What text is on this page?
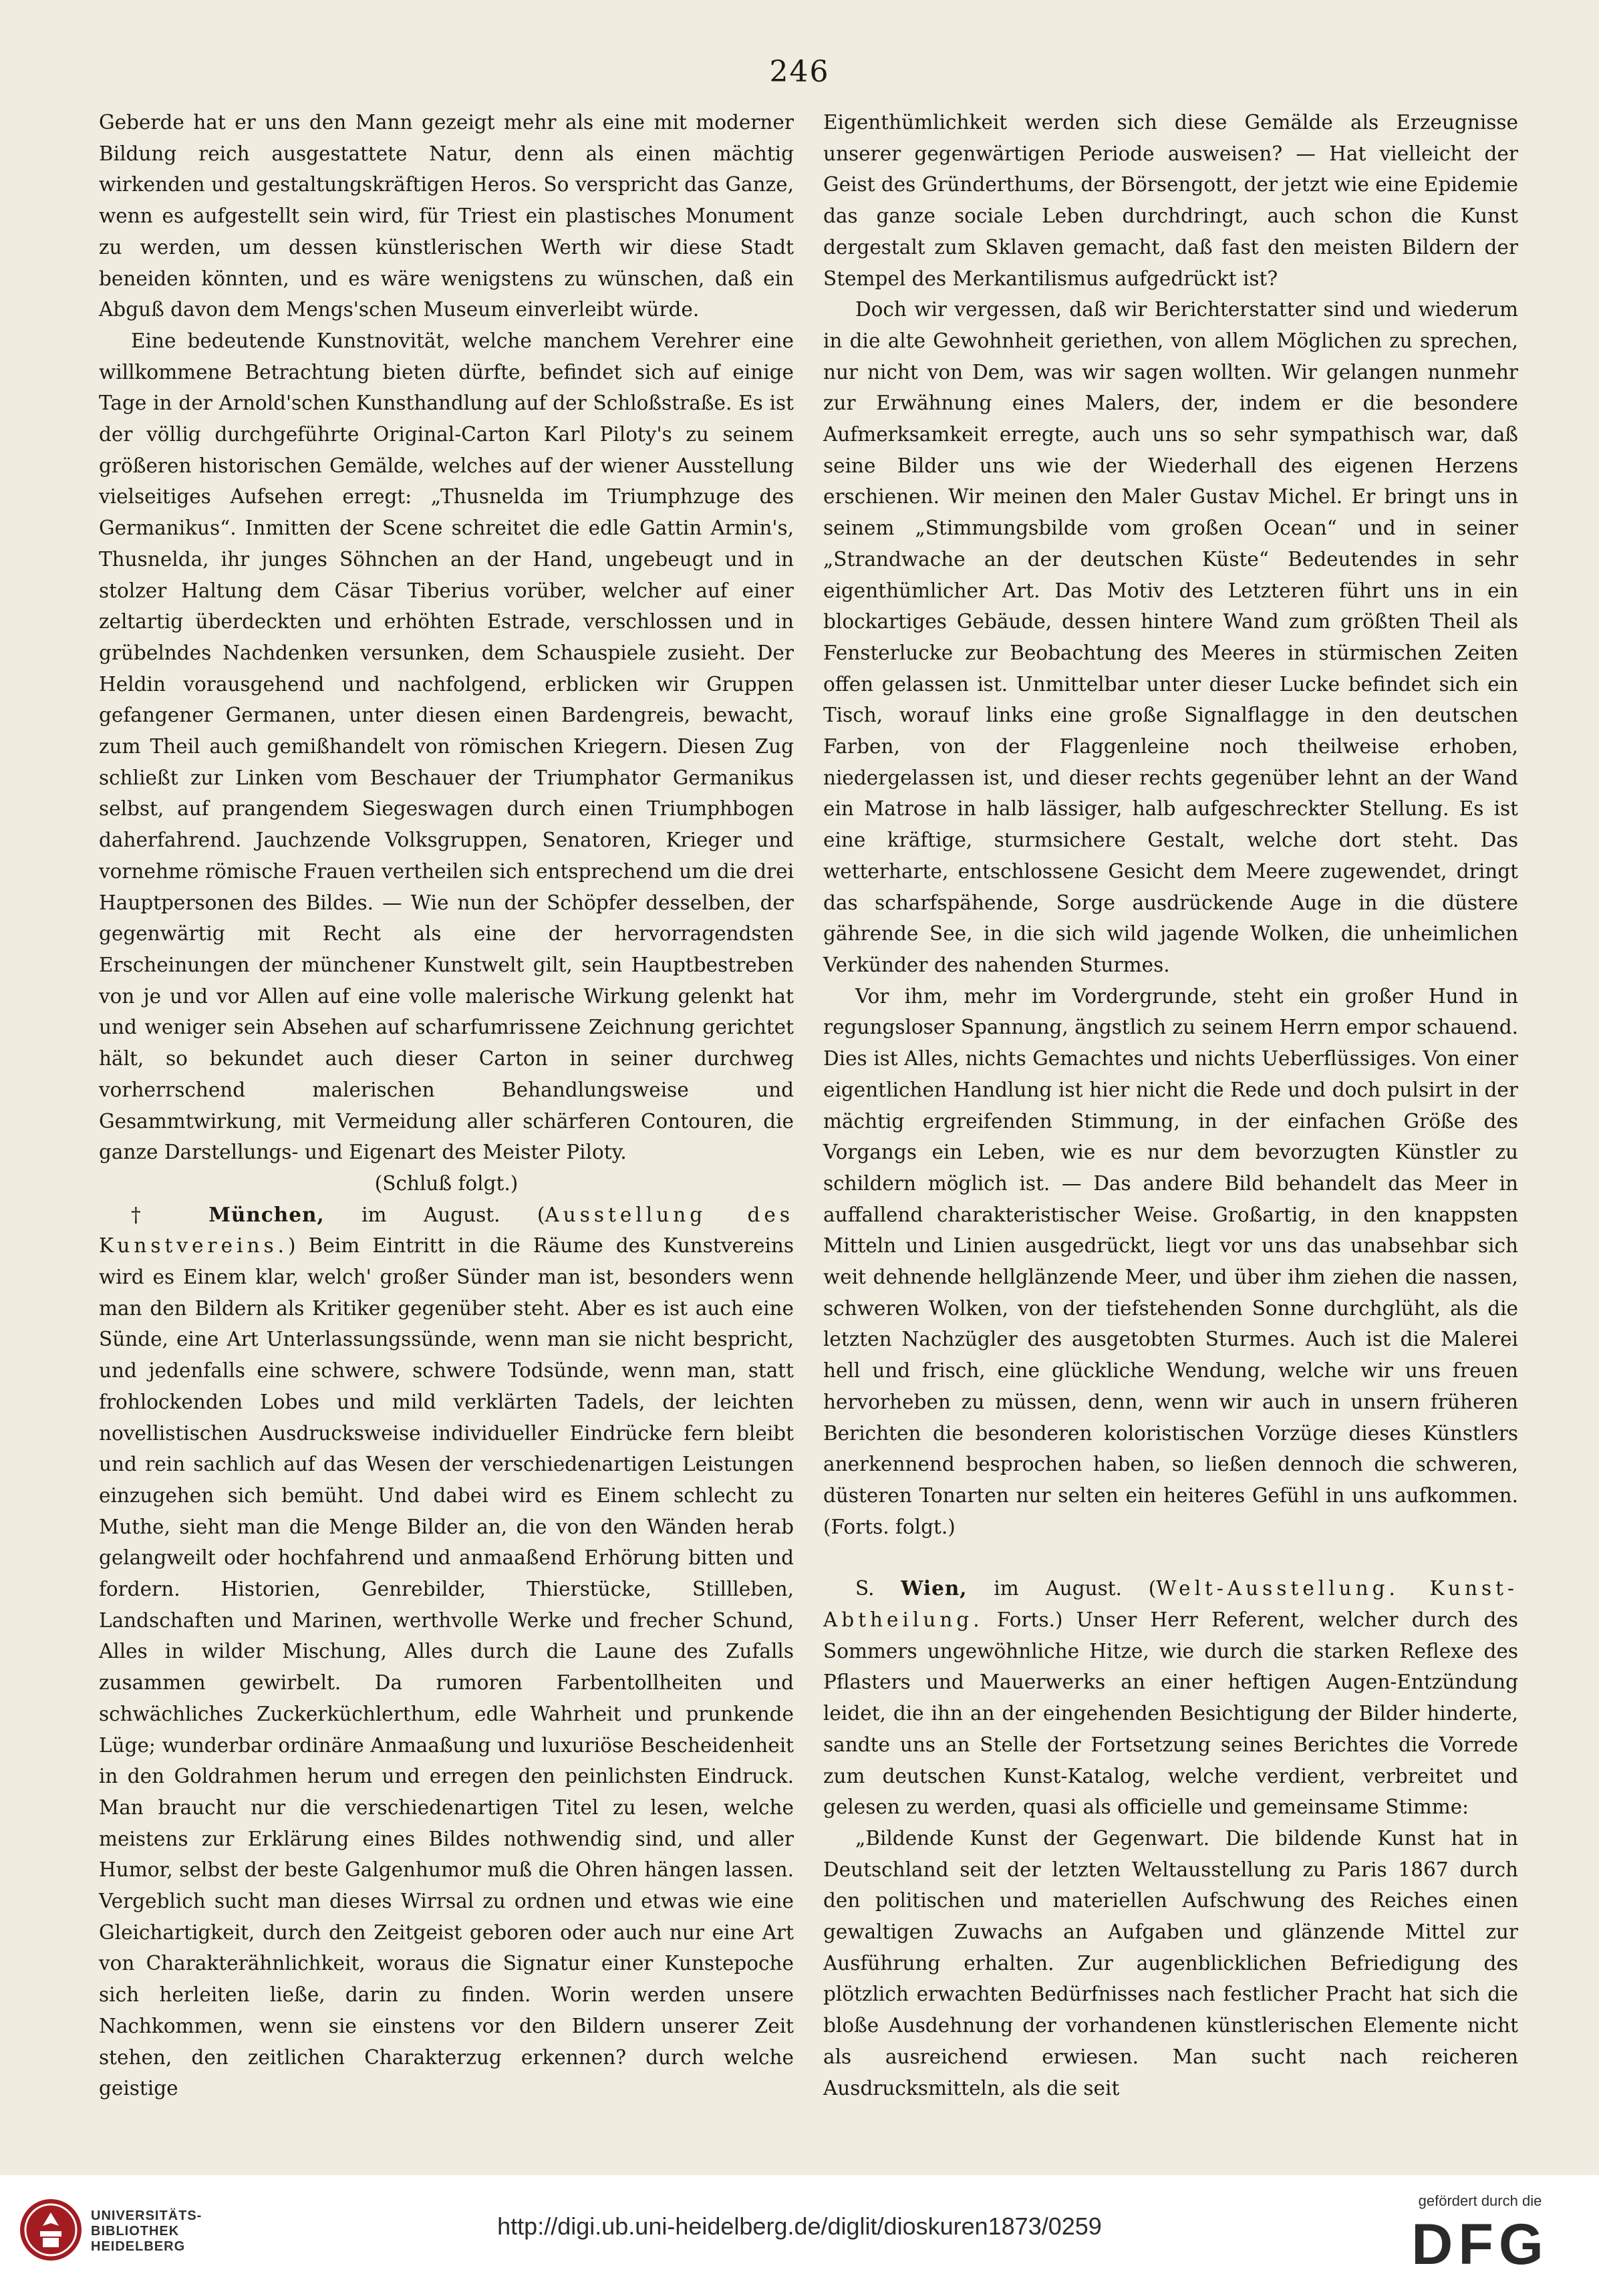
246

Geberde hat er uns den Mann gezeigt mehr als eine mit moderner Bildung reich ausgestattete Natur, denn als einen mächtig wirkenden und gestaltungskräftigen Heros. So verspricht das Ganze, wenn es aufgestellt sein wird, für Triest ein plastisches Monument zu werden, um dessen künstlerischen Werth wir diese Stadt beneiden könnten, und es wäre wenigstens zu wünschen, daß ein Abguß davon dem Mengs'schen Museum einverleibt würde.

Eine bedeutende Kunstnovität, welche manchem Verehrer eine willkommene Betrachtung bieten dürfte, befindet sich auf einige Tage in der Arnold'schen Kunsthandlung auf der Schloßstraße. Es ist der völlig durchgeführte Original-Carton Karl Piloty's zu seinem größeren historischen Gemälde, welches auf der wiener Ausstellung vielseitiges Aufsehen erregt: „Thusnelda im Triumphzuge des Germanikus“. Inmitten der Scene schreitet die edle Gattin Armin's, Thusnelda, ihr junges Söhnchen an der Hand, ungebeugt und in stolzer Haltung dem Cäsar Tiberius vorüber, welcher auf einer zeltartig überdeckten und erhöhten Estrade, verschlossen und in grübelndes Nachdenken versunken, dem Schauspiele zusieht. Der Heldin vorausgehend und nachfolgend, erblicken wir Gruppen gefangener Germanen, unter diesen einen Bardengreis, bewacht, zum Theil auch gemißhandelt von römischen Kriegern. Diesen Zug schließt zur Linken vom Beschauer der Triumphator Germanikus selbst, auf prangendem Siegeswagen durch einen Triumphbogen daherfahrend. Jauchzende Volksgruppen, Senatoren, Krieger und vornehme römische Frauen vertheilen sich entsprechend um die drei Hauptpersonen des Bildes. — Wie nun der Schöpfer desselben, der gegenwärtig mit Recht als eine der hervorragendsten Erscheinungen der münchener Kunstwelt gilt, sein Hauptbestreben von je und vor Allen auf eine volle malerische Wirkung gelenkt hat und weniger sein Absehen auf scharfumrissene Zeichnung gerichtet hält, so bekundet auch dieser Carton in seiner durchweg vorherrschend malerischen Behandlungsweise und Gesammtwirkung, mit Vermeidung aller schärferen Contouren, die ganze Darstellungs- und Eigenart des Meister Piloty.

(Schluß folgt.)

† München, im August. (Ausstellung des Kunstvereins.) Beim Eintritt in die Räume des Kunstvereins wird es Einem klar, welch' großer Sünder man ist, besonders wenn man den Bildern als Kritiker gegenüber steht. Aber es ist auch eine Sünde, eine Art Unterlassungssünde, wenn man sie nicht bespricht, und jedenfalls eine schwere, schwere Todsünde, wenn man, statt frohlockenden Lobes und mild verklärten Tadels, der leichten novellistischen Ausdrucksweise individueller Eindrücke fern bleibt und rein sachlich auf das Wesen der verschiedenartigen Leistungen einzugehen sich bemüht. Und dabei wird es Einem schlecht zu Muthe, sieht man die Menge Bilder an, die von den Wänden herab gelangweilt oder hochfahrend und anmaaßend Erhörung bitten und fordern. Historien, Genrebilder, Thierstücke, Stillleben, Landschaften und Marinen, werthvolle Werke und frecher Schund, Alles in wilder Mischung, Alles durch die Laune des Zufalls zusammen gewirbelt. Da rumoren Farbentollheiten und schwächliches Zuckerküchlerthum, edle Wahrheit und prunkende Lüge; wunderbar ordinäre Anmaaßung und luxuriöse Bescheidenheit in den Goldrahmen herum und erregen den peinlichsten Eindruck. Man braucht nur die verschiedenartigen Titel zu lesen, welche meistens zur Erklärung eines Bildes nothwendig sind, und aller Humor, selbst der beste Galgenhumor muß die Ohren hängen lassen. Vergeblich sucht man dieses Wirrsal zu ordnen und etwas wie eine Gleichartigkeit, durch den Zeitgeist geboren oder auch nur eine Art von Charakterähnlichkeit, woraus die Signatur einer Kunstepoche sich herleiten ließe, darin zu finden. Worin werden unsere Nachkommen, wenn sie einstens vor den Bildern unserer Zeit stehen, den zeitlichen Charakterzug erkennen? durch welche geistige

Eigenthümlichkeit werden sich diese Gemälde als Erzeugnisse unserer gegenwärtigen Periode ausweisen? — Hat vielleicht der Geist des Gründerthums, der Börsengott, der jetzt wie eine Epidemie das ganze sociale Leben durchdringt, auch schon die Kunst dergestalt zum Sklaven gemacht, daß fast den meisten Bildern der Stempel des Merkantilismus aufgedrückt ist?

Doch wir vergessen, daß wir Berichterstatter sind und wiederum in die alte Gewohnheit geriethen, von allem Möglichen zu sprechen, nur nicht von Dem, was wir sagen wollten. Wir gelangen nunmehr zur Erwähnung eines Malers, der, indem er die besondere Aufmerksamkeit erregte, auch uns so sehr sympathisch war, daß seine Bilder uns wie der Wiederhall des eigenen Herzens erschienen. Wir meinen den Maler Gustav Michel. Er bringt uns in seinem „Stimmungsbilde vom großen Ocean“ und in seiner „Strandwache an der deutschen Küste“ Bedeutendes in sehr eigenthümlicher Art. Das Motiv des Letzteren führt uns in ein blockartiges Gebäude, dessen hintere Wand zum größten Theil als Fensterlucke zur Beobachtung des Meeres in stürmischen Zeiten offen gelassen ist. Unmittelbar unter dieser Lucke befindet sich ein Tisch, worauf links eine große Signalflagge in den deutschen Farben, von der Flaggenleine noch theilweise erhoben, niedergelassen ist, und dieser rechts gegenüber lehnt an der Wand ein Matrose in halb lässiger, halb aufgeschreckter Stellung. Es ist eine kräftige, sturmsichere Gestalt, welche dort steht. Das wetterharte, entschlossene Gesicht dem Meere zugewendet, dringt das scharfspähende, Sorge ausdrückende Auge in die düstere gährende See, in die sich wild jagende Wolken, die unheimlichen Verkünder des nahenden Sturmes.

Vor ihm, mehr im Vordergrunde, steht ein großer Hund in regungsloser Spannung, ängstlich zu seinem Herrn empor schauend. Dies ist Alles, nichts Gemachtes und nichts Ueberflüssiges. Von einer eigentlichen Handlung ist hier nicht die Rede und doch pulsirt in der mächtig ergreifenden Stimmung, in der einfachen Größe des Vorgangs ein Leben, wie es nur dem bevorzugten Künstler zu schildern möglich ist. — Das andere Bild behandelt das Meer in auffallend charakteristischer Weise. Großartig, in den knappsten Mitteln und Linien ausgedrückt, liegt vor uns das unabsehbar sich weit dehnende hellglänzende Meer, und über ihm ziehen die nassen, schweren Wolken, von der tiefstehenden Sonne durchglüht, als die letzten Nachzügler des ausgetobten Sturmes. Auch ist die Malerei hell und frisch, eine glückliche Wendung, welche wir uns freuen hervorheben zu müssen, denn, wenn wir auch in unsern früheren Berichten die besonderen koloristischen Vorzüge dieses Künstlers anerkennend besprochen haben, so ließen dennoch die schweren, düsteren Tonarten nur selten ein heiteres Gefühl in uns aufkommen. (Forts. folgt.)

S. Wien, im August. (Welt-Ausstellung. Kunst-Abtheilung. Forts.) Unser Herr Referent, welcher durch des Sommers ungewöhnliche Hitze, wie durch die starken Reflexe des Pflasters und Mauerwerks an einer heftigen Augen-Entzündung leidet, die ihn an der eingehenden Besichtigung der Bilder hinderte, sandte uns an Stelle der Fortsetzung seines Berichtes die Vorrede zum deutschen Kunst-Katalog, welche verdient, verbreitet und gelesen zu werden, quasi als officielle und gemeinsame Stimme:

„Bildende Kunst der Gegenwart. Die bildende Kunst hat in Deutschland seit der letzten Weltausstellung zu Paris 1867 durch den politischen und materiellen Aufschwung des Reiches einen gewaltigen Zuwachs an Aufgaben und glänzende Mittel zur Ausführung erhalten. Zur augenblicklichen Befriedigung des plötzlich erwachten Bedürfnisses nach festlicher Pracht hat sich die bloße Ausdehnung der vorhandenen künstlerischen Elemente nicht als ausreichend erwiesen. Man sucht nach reicheren Ausdrucksmitteln, als die seit

UNIVERSITÄTS-
BIBLIOTHEK
HEIDELBERG
http://digi.ub.uni-heidelberg.de/diglit/dioskuren1873/0259
gefördert durch die
DFG
